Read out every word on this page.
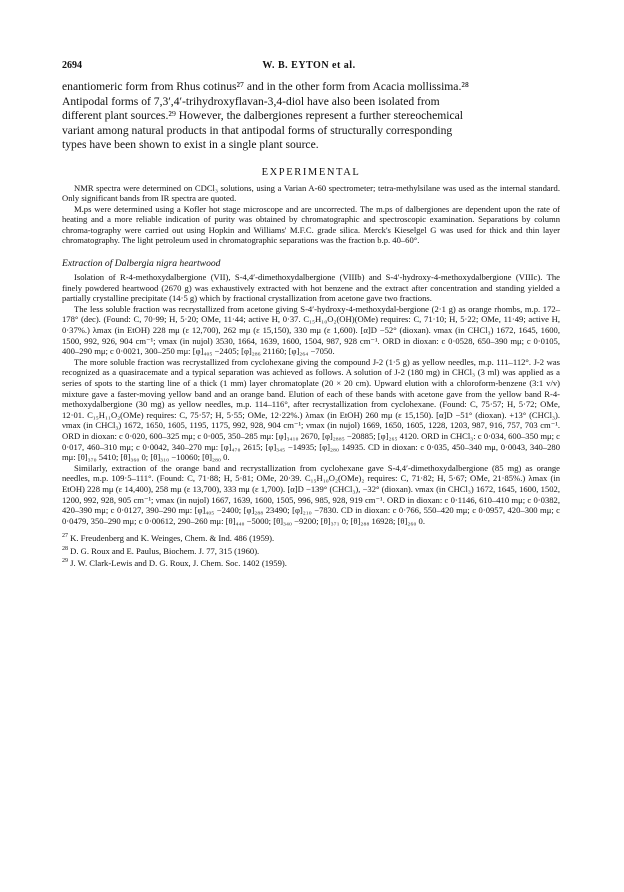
2694	W. B. EYTON et al.

enantiomeric form from Rhus cotinus²⁷ and in the other form from Acacia mollissima.²⁸

Antipodal forms of 7,3′,4′-trihydroxyflavan-3,4-diol have also been isolated from

different plant sources.²⁹ However, the dalbergiones represent a further stereochemical

variant among natural products in that antipodal forms of structurally corresponding

types have been shown to exist in a single plant source.

EXPERIMENTAL

NMR spectra were determined on CDCl₃ solutions, using a Varian A-60 spectrometer; tetra-methylsilane was used as the internal standard. Only significant bands from IR spectra are quoted.

M.ps were determined using a Kofler hot stage microscope and are uncorrected. The m.ps of dalbergiones are dependent upon the rate of heating and a more reliable indication of purity was obtained by chromatographic and spectroscopic examination. Separations by column chroma-tography were carried out using Hopkin and Williams' M.F.C. grade silica. Merck's Kieselgel G was used for thick and thin layer chromatography. The light petroleum used in chromatographic separations was the fraction b.p. 40–60°.

Extraction of Dalbergia nigra heartwood

Isolation of R-4-methoxydalbergione (VII), S-4,4′-dimethoxydalbergione (VIIIb) and S-4′-hydroxy-4-methoxydalbergione (VIIIc). The finely powdered heartwood (2670 g) was exhaustively extracted with hot benzene and the extract after concentration and standing yielded a partially crystalline precipitate (14·5 g) which by fractional crystallization from acetone gave two fractions.

The less soluble fraction was recrystallized from acetone giving S-4′-hydroxy-4-methoxydal-bergione (2·1 g) as orange rhombs, m.p. 172–178° (dec). (Found: C, 70·99; H, 5·20; OMe, 11·44; active H, 0·37. C₁₅H₁₀O₂(OH)(OMe) requires: C, 71·10; H, 5·22; OMe, 11·49; active H, 0·37%.) λmax (in EtOH) 228 mμ (ε 12,700), 262 mμ (ε 15,150), 330 mμ (ε 1,600). [α]D −52° (dioxan). νmax (in CHCl₃) 1672, 1645, 1600, 1500, 992, 926, 904 cm⁻¹; νmax (in nujol) 3530, 1664, 1639, 1600, 1504, 987, 928 cm⁻¹. ORD in dioxan: c 0·0528, 650–390 mμ; c 0·0105, 400–290 mμ; c 0·0021, 300–250 mμ: [φ]₄₀₅ −2405; [φ]₂₈₆ 21160; [φ]₂₆₄ −7050.

The more soluble fraction was recrystallized from cyclohexane giving the compound J-2 (1·5 g) as yellow needles, m.p. 111–112°. J-2 was recognized as a quasiracemate and a typical separation was achieved as follows. A solution of J-2 (180 mg) in CHCl₃ (3 ml) was applied as a series of spots to the starting line of a thick (1 mm) layer chromatoplate (20 × 20 cm). Upward elution with a chloroform-benzene (3:1 v/v) mixture gave a faster-moving yellow band and an orange band. Elution of each of these bands with acetone gave from the yellow band R-4-methoxydalbergione (30 mg) as yellow needles, m.p. 114–116°, after recrystallization from cyclohexane. (Found: C, 75·57; H, 5·72; OMe, 12·01. C₁₅H₁₁O₂(OMe) requires: C, 75·57; H, 5·55; OMe, 12·22%.) λmax (in EtOH) 260 mμ (ε 15,150). [α]D −51° (dioxan). +13° (CHCl₃). νmax (in CHCl₃) 1672, 1650, 1605, 1195, 1175, 992, 928, 904 cm⁻¹; νmax (in nujol) 1669, 1650, 1605, 1228, 1203, 987, 916, 757, 703 cm⁻¹. ORD in dioxan: c 0·020, 600–325 mμ; c 0·005, 350–285 mμ: [φ]₃₄₁₀ 2670, [φ]₂₈₈₅ −20885; [φ]₂₆₅ 4120. ORD in CHCl₃: c 0·034, 600–350 mμ; c 0·017, 460–310 mμ; c 0·0042, 340–270 mμ: [φ]₄₇₀ 2615; [φ]₃₄₅ −14935; [φ]₂₈₀ 14935. CD in dioxan: c 0·035, 450–340 mμ, 0·0043, 340–280 mμ: [θ]₃₇₀ 5410; [θ]₃₆₀ 0; [θ]₃₁₀ −10060; [θ]₂₈₀ 0.

Similarly, extraction of the orange band and recrystallization from cyclohexane gave S-4,4′-dimethoxydalbergione (85 mg) as orange needles, m.p. 109·5–111°. (Found: C, 71·88; H, 5·81; OMe, 20·39. C₁₅H₁₀O₂(OMe)₂ requires: C, 71·82; H, 5·67; OMe, 21·85%.) λmax (in EtOH) 228 mμ (ε 14,400), 258 mμ (ε 13,700), 333 mμ (ε 1,700). [α]D −139° (CHCl₃), −32° (dioxan). νmax (in CHCl₃) 1672, 1645, 1600, 1502, 1200, 992, 928, 905 cm⁻¹; νmax (in nujol) 1667, 1639, 1600, 1505, 996, 985, 928, 919 cm⁻¹. ORD in dioxan: c 0·1146, 610–410 mμ; c 0·0382, 420–390 mμ; c 0·0127, 390–290 mμ: [φ]₄₀₅ −2400; [φ]₂₈₈ 23490; [φ]₂₁₀ −7830. CD in dioxan: c 0·766, 550–420 mμ; c 0·0957, 420–300 mμ; c 0·0479, 350–290 mμ; c 0·00612, 290–260 mμ: [θ]₄₄₀ −5000; [θ]₃₄₀ −9200; [θ]₃₇₁ 0; [θ]₂₈₈ 16928; [θ]₂₆₀ 0.

$^{27}$ K. Freudenberg and K. Weinges, Chem. & Ind. 486 (1959).

$^{28}$ D. G. Roux and E. Paulus, Biochem. J. 77, 315 (1960).

$^{29}$ J. W. Clark-Lewis and D. G. Roux, J. Chem. Soc. 1402 (1959).
